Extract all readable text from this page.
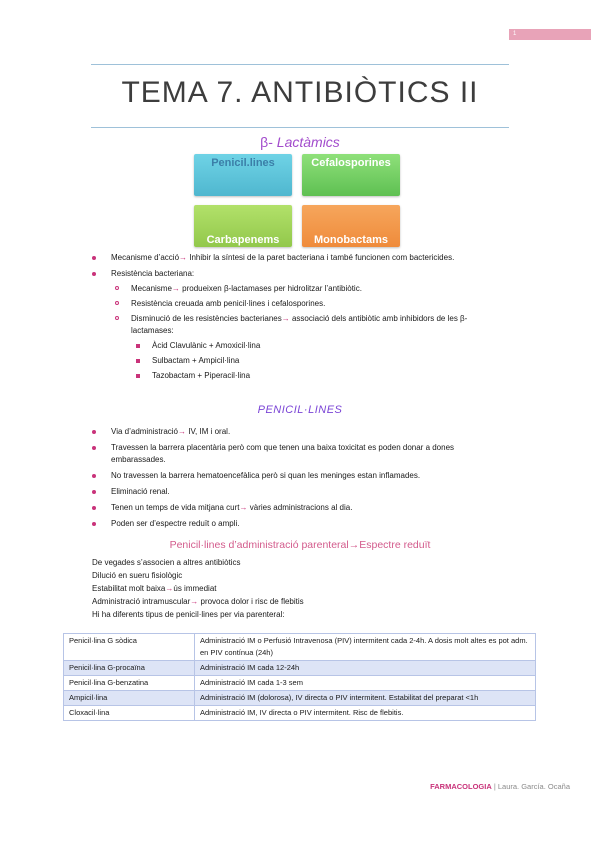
1
TEMA 7. ANTIBIÒTICS II
β- Lactàmics
Penicil.lines	Cefalosporines
Carbapenems	Monobactams
Mecanisme d’acció→ Inhibir la síntesi de la paret bacteriana i també funcionen com bactericides.
Resistència bacteriana:
Mecanisme→ produeixen β-lactamases per hidrolitzar l’antibiòtic.
Resistència creuada amb penicil·lines i cefalosporines.
Disminució de les resistències bacterianes→ associació dels antibiòtic amb inhibidors de les β-lactamases:
Àcid Clavulànic + Amoxicil·lina
Sulbactam + Ampicil·lina
Tazobactam + Piperacil·lina
PENICIL·LINES
Via d’administració→ IV, IM i oral.
Travessen la barrera placentària però com que tenen una baixa toxicitat es poden donar a dones embarassades.
No travessen la barrera hematoencefàlica però si quan les meninges estan inflamades.
Eliminació renal.
Tenen un temps de vida mitjana curt→ vàries administracions al dia.
Poden ser d’espectre reduït o ampli.
Penicil·lines d’administració parenteral→Espectre reduït
De vegades s’associen a altres antibiòtics
Dilució en sueru fisiològic
Estabilitat molt baixa→ús immediat
Administració intramuscular→ provoca dolor i risc de flebitis
Hi ha diferents tipus de penicil·lines per via parenteral:
Penicil·lina G sòdica	Administració IM o Perfusió Intravenosa (PIV) intermitent cada 2-4h. A dosis molt altes es pot adm. en PIV contínua (24h)
Penicil·lina G-procaïna	Administració IM cada 12-24h
Penicil·lina G-benzatina	Administració IM cada 1-3 sem
Ampicil·lina	Administració IM (dolorosa), IV directa o PIV intermitent. Estabilitat del preparat <1h
Cloxacil·lina	Administració IM, IV directa o PIV intermitent. Risc de flebitis.
FARMACOLOGIA | Laura. García. Ocaña
